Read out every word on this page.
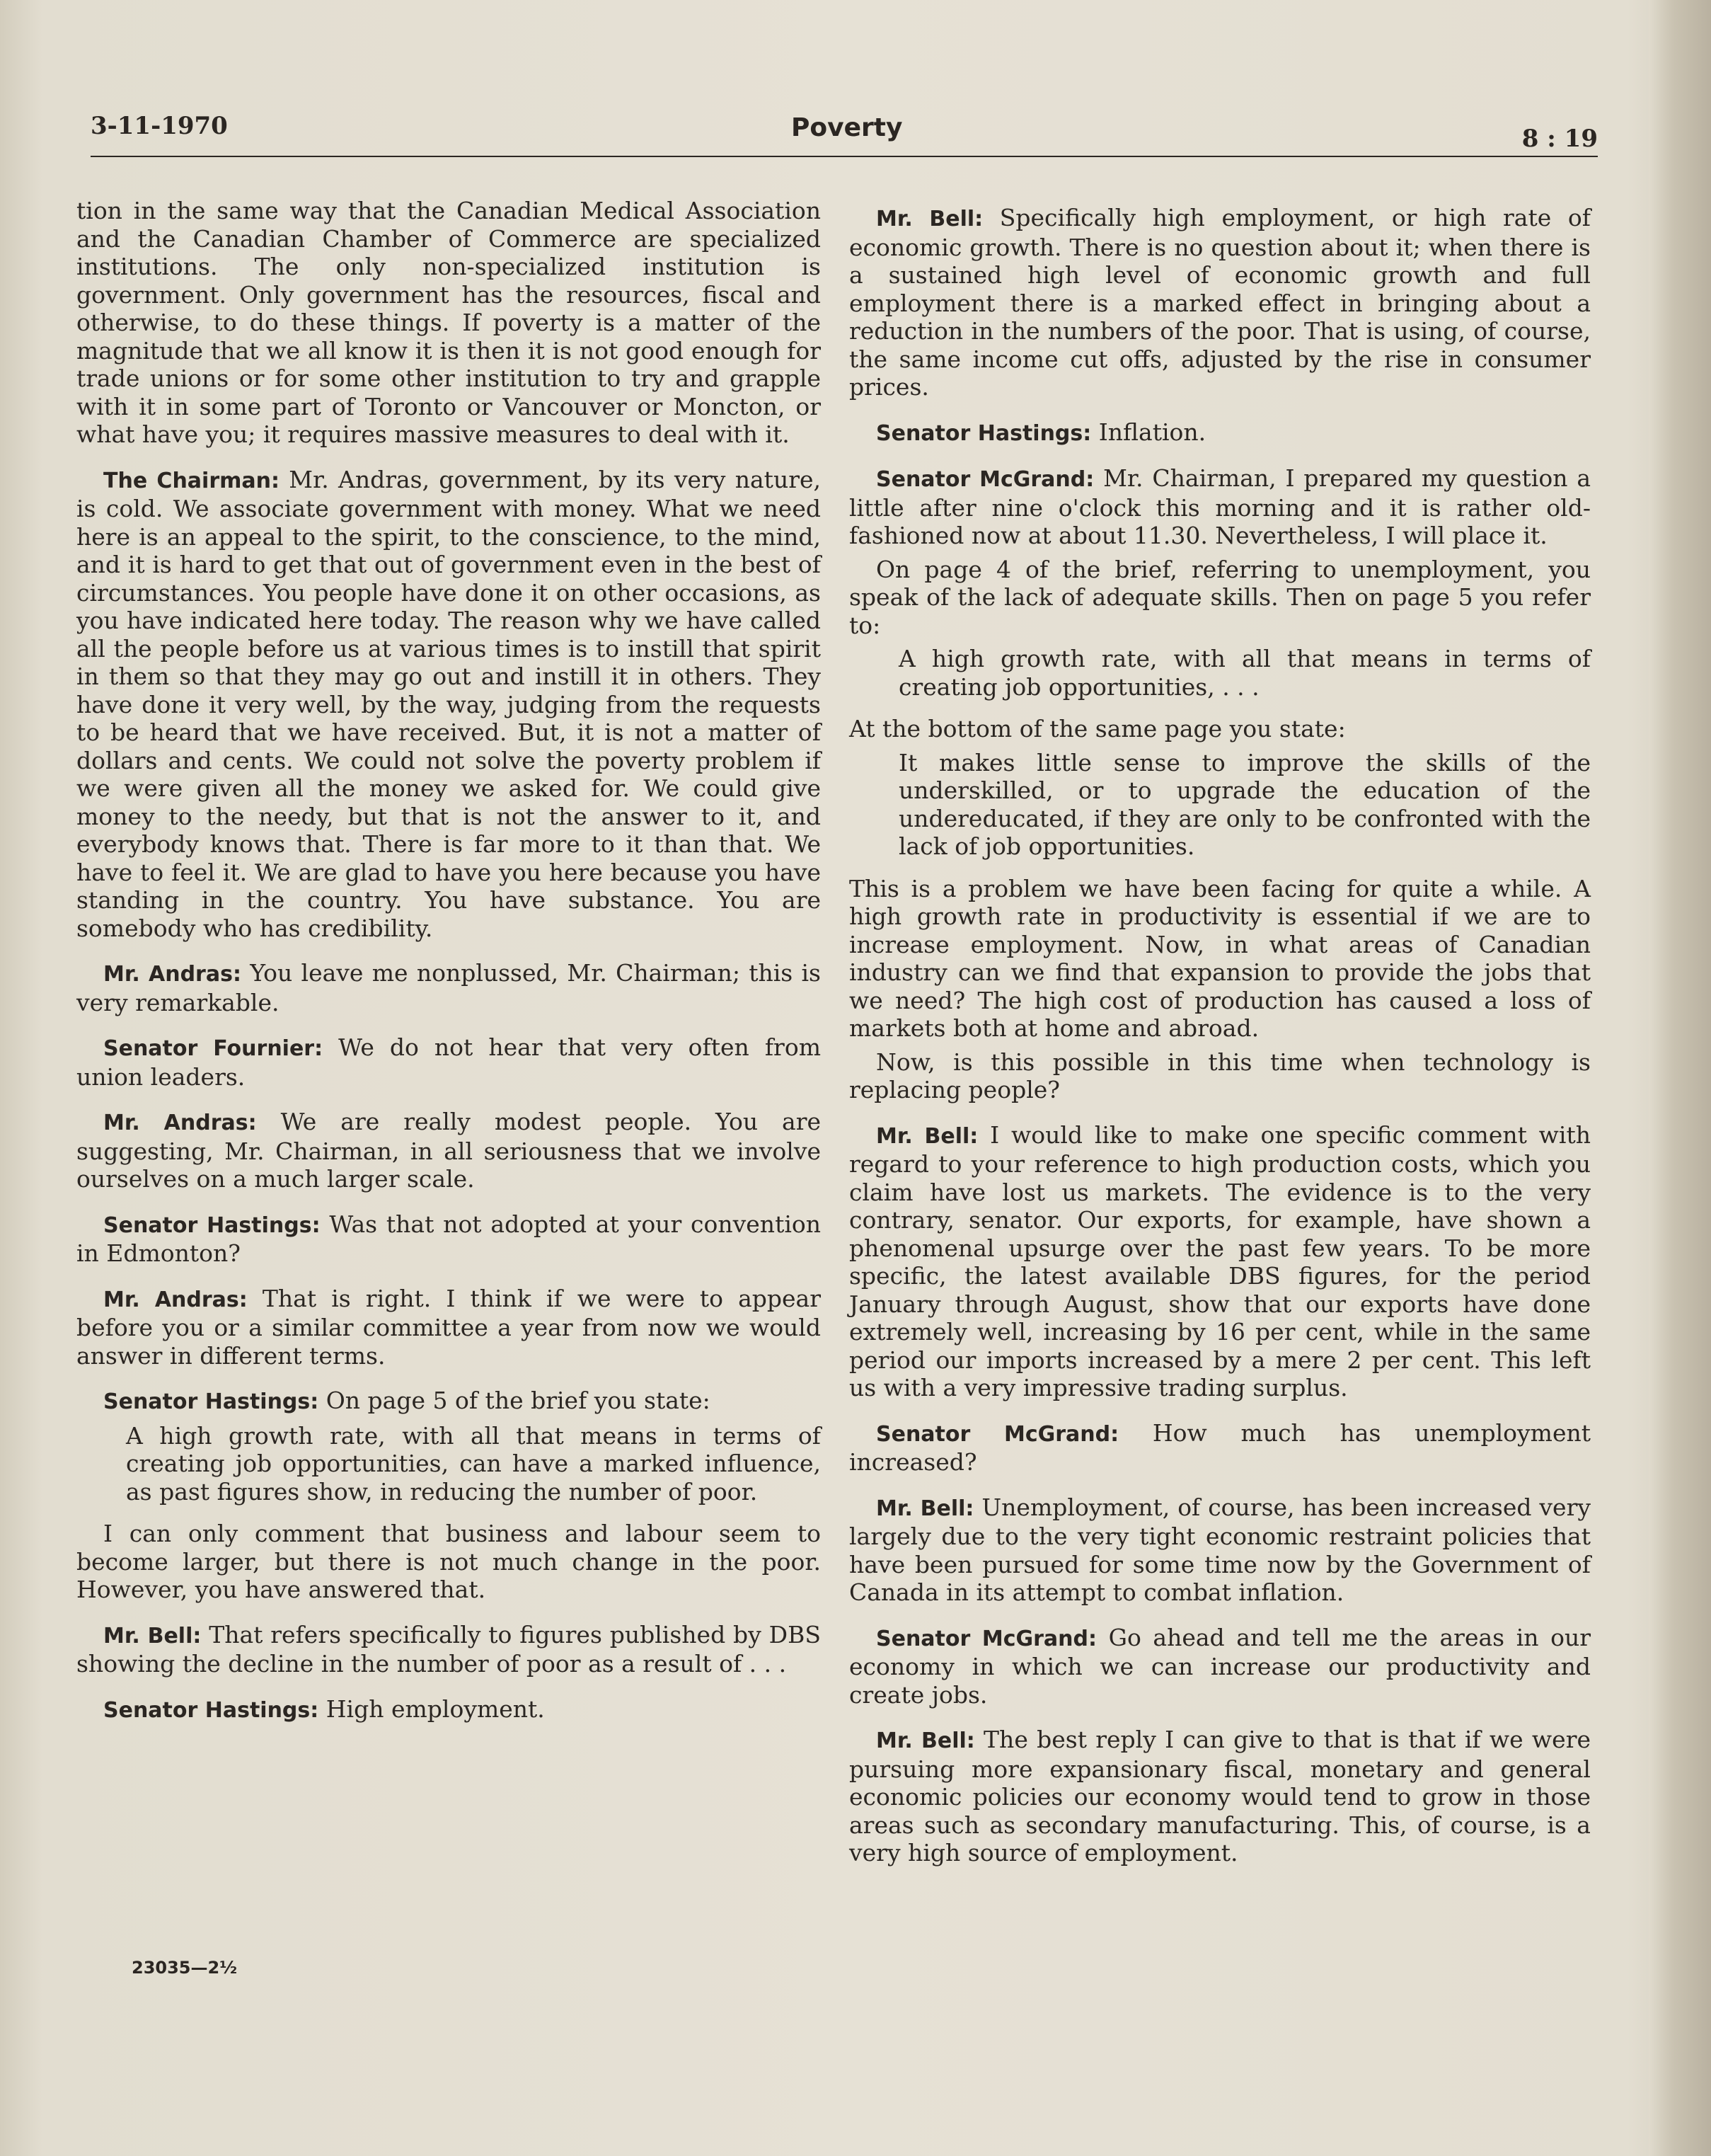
3-11-1970	Poverty	8 : 19

tion in the same way that the Canadian Medical Association and the Canadian Chamber of Commerce are specialized institutions. The only non-specialized institution is government. Only government has the resources, fiscal and otherwise, to do these things. If poverty is a matter of the magnitude that we all know it is then it is not good enough for trade unions or for some other institution to try and grapple with it in some part of Toronto or Vancouver or Moncton, or what have you; it requires massive measures to deal with it.

The Chairman: Mr. Andras, government, by its very nature, is cold. We associate government with money. What we need here is an appeal to the spirit, to the conscience, to the mind, and it is hard to get that out of government even in the best of circumstances. You people have done it on other occasions, as you have indicated here today. The reason why we have called all the people before us at various times is to instill that spirit in them so that they may go out and instill it in others. They have done it very well, by the way, judging from the requests to be heard that we have received. But, it is not a matter of dollars and cents. We could not solve the poverty problem if we were given all the money we asked for. We could give money to the needy, but that is not the answer to it, and everybody knows that. There is far more to it than that. We have to feel it. We are glad to have you here because you have standing in the country. You have substance. You are somebody who has credibility.

Mr. Andras: You leave me nonplussed, Mr. Chairman; this is very remarkable.

Senator Fournier: We do not hear that very often from union leaders.

Mr. Andras: We are really modest people. You are suggesting, Mr. Chairman, in all seriousness that we involve ourselves on a much larger scale.

Senator Hastings: Was that not adopted at your convention in Edmonton?

Mr. Andras: That is right. I think if we were to appear before you or a similar committee a year from now we would answer in different terms.

Senator Hastings: On page 5 of the brief you state:

A high growth rate, with all that means in terms of creating job opportunities, can have a marked influence, as past figures show, in reducing the number of poor.

I can only comment that business and labour seem to become larger, but there is not much change in the poor. However, you have answered that.

Mr. Bell: That refers specifically to figures published by DBS showing the decline in the number of poor as a result of . . .

Senator Hastings: High employment.

23035—2½

Mr. Bell: Specifically high employment, or high rate of economic growth. There is no question about it; when there is a sustained high level of economic growth and full employment there is a marked effect in bringing about a reduction in the numbers of the poor. That is using, of course, the same income cut offs, adjusted by the rise in consumer prices.

Senator Hastings: Inflation.

Senator McGrand: Mr. Chairman, I prepared my question a little after nine o'clock this morning and it is rather old-fashioned now at about 11.30. Nevertheless, I will place it.

On page 4 of the brief, referring to unemployment, you speak of the lack of adequate skills. Then on page 5 you refer to:

A high growth rate, with all that means in terms of creating job opportunities, . . .

At the bottom of the same page you state:

It makes little sense to improve the skills of the underskilled, or to upgrade the education of the undereducated, if they are only to be confronted with the lack of job opportunities.

This is a problem we have been facing for quite a while. A high growth rate in productivity is essential if we are to increase employment. Now, in what areas of Canadian industry can we find that expansion to provide the jobs that we need? The high cost of production has caused a loss of markets both at home and abroad.

Now, is this possible in this time when technology is replacing people?

Mr. Bell: I would like to make one specific comment with regard to your reference to high production costs, which you claim have lost us markets. The evidence is to the very contrary, senator. Our exports, for example, have shown a phenomenal upsurge over the past few years. To be more specific, the latest available DBS figures, for the period January through August, show that our exports have done extremely well, increasing by 16 per cent, while in the same period our imports increased by a mere 2 per cent. This left us with a very impressive trading surplus.

Senator McGrand: How much has unemployment increased?

Mr. Bell: Unemployment, of course, has been increased very largely due to the very tight economic restraint policies that have been pursued for some time now by the Government of Canada in its attempt to combat inflation.

Senator McGrand: Go ahead and tell me the areas in our economy in which we can increase our productivity and create jobs.

Mr. Bell: The best reply I can give to that is that if we were pursuing more expansionary fiscal, monetary and general economic policies our economy would tend to grow in those areas such as secondary manufacturing. This, of course, is a very high source of employment.
